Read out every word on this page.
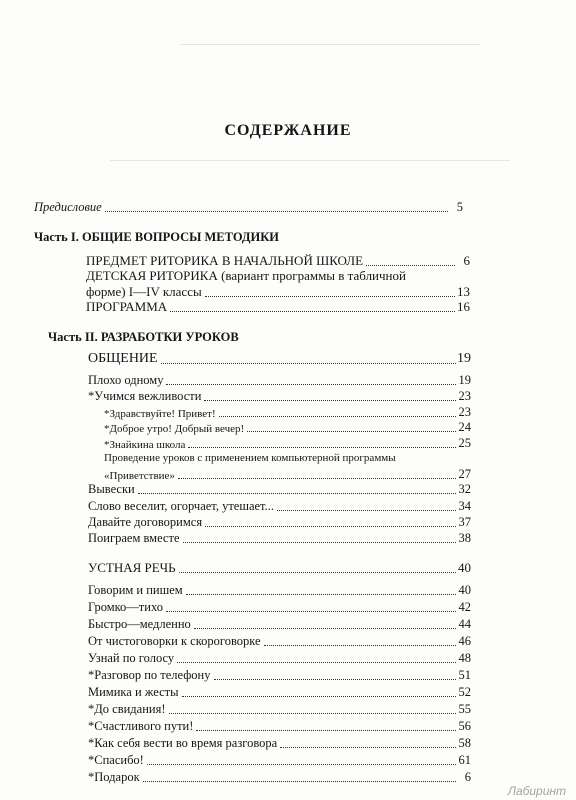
СОДЕРЖАНИЕ
Предисловие	5
Часть I. ОБЩИЕ ВОПРОСЫ МЕТОДИКИ
ПРЕДМЕТ РИТОРИКА В НАЧАЛЬНОЙ ШКОЛЕ	6
ДЕТСКАЯ РИТОРИКА (вариант программы в табличной
форме) I—IV классы	13
ПРОГРАММА	16
Часть II. РАЗРАБОТКИ УРОКОВ
ОБЩЕНИЕ	19
Плохо одному	19
*Учимся вежливости	23
*Здравствуйте! Привет!	23
*Доброе утро! Добрый вечер!	24
*Знайкина школа	25
Проведение уроков с применением компьютерной программы
«Приветствие»	27
Вывески	32
Слово веселит, огорчает, утешает...	34
Давайте договоримся	37
Поиграем вместе	38
УСТНАЯ РЕЧЬ	40
Говорим и пишем	40
Громко—тихо	42
Быстро—медленно	44
От чистоговорки к скороговорке	46
Узнай по голосу	48
*Разговор по телефону	51
Мимика и жесты	52
*До свидания!	55
*Счастливого пути!	56
*Как себя вести во время разговора	58
*Спасибо!	61
*Подарок	6
Лабиринт
